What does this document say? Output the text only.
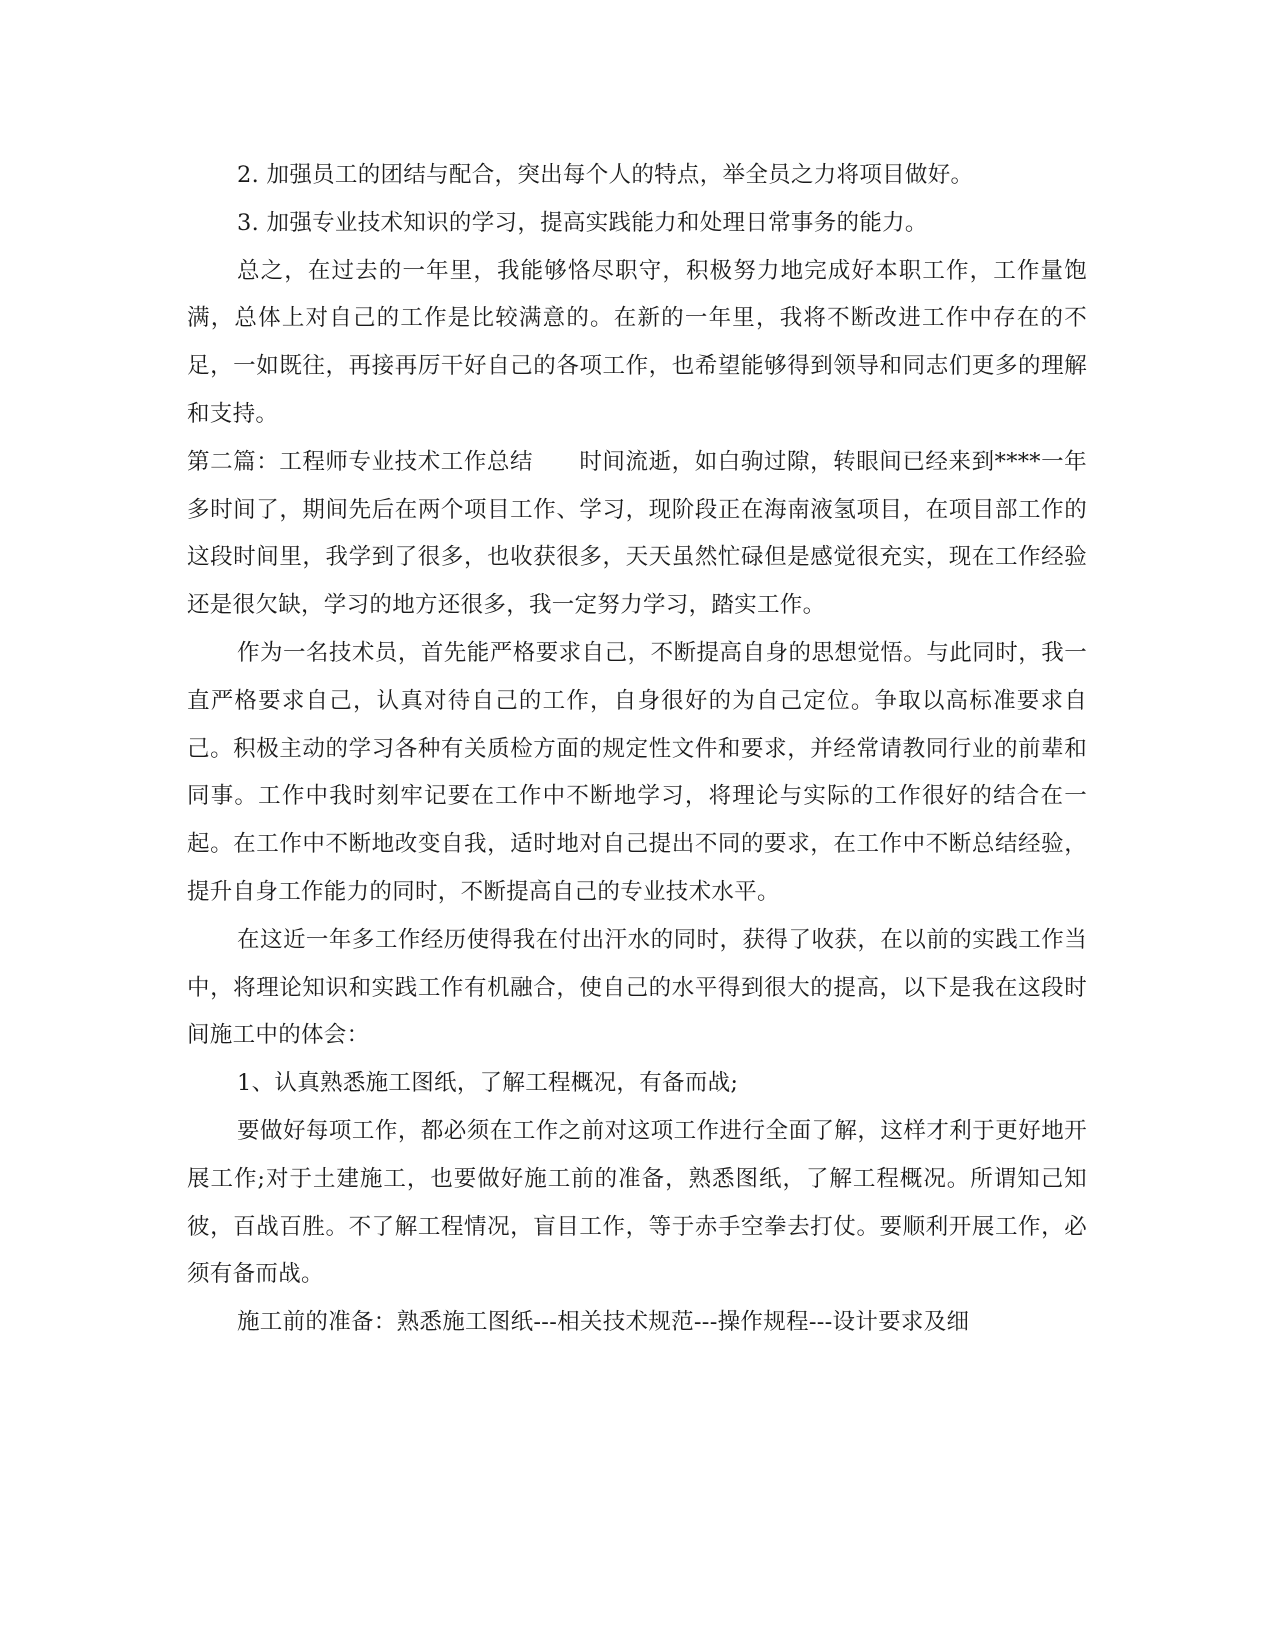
2. 加强员工的团结与配合，突出每个人的特点，举全员之力将项目做好。

3. 加强专业技术知识的学习，提高实践能力和处理日常事务的能力。

总之，在过去的一年里，我能够恪尽职守，积极努力地完成好本职工作，工作量饱满，总体上对自己的工作是比较满意的。在新的一年里，我将不断改进工作中存在的不足，一如既往，再接再厉干好自己的各项工作，也希望能够得到领导和同志们更多的理解和支持。

第二篇：工程师专业技术工作总结 时间流逝，如白驹过隙，转眼间已经来到****一年多时间了，期间先后在两个项目工作、学习，现阶段正在海南液氢项目，在项目部工作的这段时间里，我学到了很多，也收获很多，天天虽然忙碌但是感觉很充实，现在工作经验还是很欠缺，学习的地方还很多，我一定努力学习，踏实工作。

作为一名技术员，首先能严格要求自己，不断提高自身的思想觉悟。与此同时，我一直严格要求自己，认真对待自己的工作，自身很好的为自己定位。争取以高标准要求自己。积极主动的学习各种有关质检方面的规定性文件和要求，并经常请教同行业的前辈和同事。工作中我时刻牢记要在工作中不断地学习，将理论与实际的工作很好的结合在一起。在工作中不断地改变自我，适时地对自己提出不同的要求，在工作中不断总结经验，提升自身工作能力的同时，不断提高自己的专业技术水平。

在这近一年多工作经历使得我在付出汗水的同时，获得了收获，在以前的实践工作当中，将理论知识和实践工作有机融合，使自己的水平得到很大的提高，以下是我在这段时间施工中的体会：

1、认真熟悉施工图纸，了解工程概况，有备而战;

要做好每项工作，都必须在工作之前对这项工作进行全面了解，这样才利于更好地开展工作;对于土建施工，也要做好施工前的准备，熟悉图纸，了解工程概况。所谓知己知彼，百战百胜。不了解工程情况，盲目工作，等于赤手空拳去打仗。要顺利开展工作，必须有备而战。

施工前的准备：熟悉施工图纸---相关技术规范---操作规程---设计要求及细
